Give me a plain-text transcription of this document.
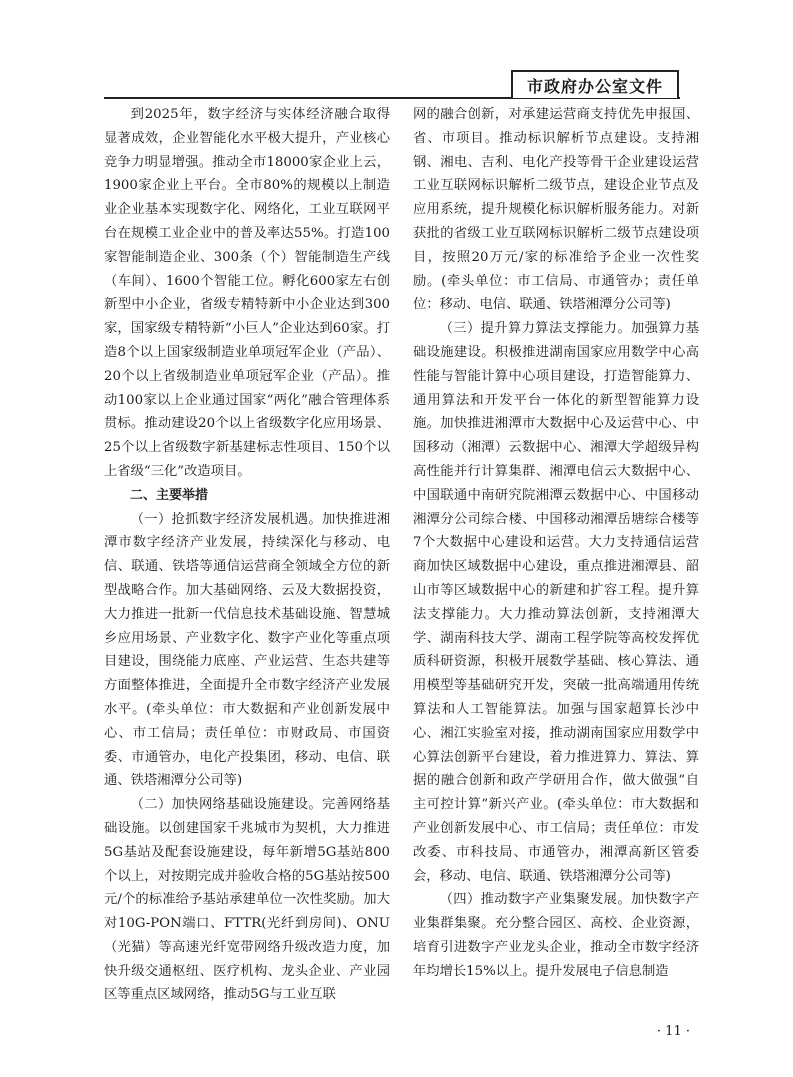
市政府办公室文件

到2025年，数字经济与实体经济融合取得显著成效，企业智能化水平极大提升，产业核心竞争力明显增强。推动全市18000家企业上云，1900家企业上平台。全市80%的规模以上制造业企业基本实现数字化、网络化，工业互联网平台在规模工业企业中的普及率达55%。打造100家智能制造企业、300条（个）智能制造生产线（车间）、1600个智能工位。孵化600家左右创新型中小企业，省级专精特新中小企业达到300家，国家级专精特新“小巨人”企业达到60家。打造8个以上国家级制造业单项冠军企业（产品）、20个以上省级制造业单项冠军企业（产品）。推动100家以上企业通过国家“两化”融合管理体系贯标。推动建设20个以上省级数字化应用场景、25个以上省级数字新基建标志性项目、150个以上省级“三化”改造项目。

二、主要举措

（一）抢抓数字经济发展机遇。加快推进湘潭市数字经济产业发展，持续深化与移动、电信、联通、铁塔等通信运营商全领域全方位的新型战略合作。加大基础网络、云及大数据投资，大力推进一批新一代信息技术基础设施、智慧城乡应用场景、产业数字化、数字产业化等重点项目建设，围绕能力底座、产业运营、生态共建等方面整体推进，全面提升全市数字经济产业发展水平。(牵头单位：市大数据和产业创新发展中心、市工信局；责任单位：市财政局、市国资委、市通管办，电化产投集团，移动、电信、联通、铁塔湘潭分公司等)

（二）加快网络基础设施建设。完善网络基础设施。以创建国家千兆城市为契机，大力推进5G基站及配套设施建设，每年新增5G基站800个以上，对按期完成并验收合格的5G基站按500元/个的标准给予基站承建单位一次性奖励。加大对10G-PON端口、FTTR(光纤到房间)、ONU（光猫）等高速光纤宽带网络升级改造力度，加快升级交通枢纽、医疗机构、龙头企业、产业园区等重点区域网络，推动5G与工业互联

网的融合创新，对承建运营商支持优先申报国、省、市项目。推动标识解析节点建设。支持湘钢、湘电、吉利、电化产投等骨干企业建设运营工业互联网标识解析二级节点，建设企业节点及应用系统，提升规模化标识解析服务能力。对新获批的省级工业互联网标识解析二级节点建设项目，按照20万元/家的标准给予企业一次性奖励。(牵头单位：市工信局、市通管办；责任单位：移动、电信、联通、铁塔湘潭分公司等)

（三）提升算力算法支撑能力。加强算力基础设施建设。积极推进湖南国家应用数学中心高性能与智能计算中心项目建设，打造智能算力、通用算法和开发平台一体化的新型智能算力设施。加快推进湘潭市大数据中心及运营中心、中国移动（湘潭）云数据中心、湘潭大学超级异构高性能并行计算集群、湘潭电信云大数据中心、中国联通中南研究院湘潭云数据中心、中国移动湘潭分公司综合楼、中国移动湘潭岳塘综合楼等7个大数据中心建设和运营。大力支持通信运营商加快区域数据中心建设，重点推进湘潭县、韶山市等区域数据中心的新建和扩容工程。提升算法支撑能力。大力推动算法创新，支持湘潭大学、湖南科技大学、湖南工程学院等高校发挥优质科研资源，积极开展数学基础、核心算法、通用模型等基础研究开发，突破一批高端通用传统算法和人工智能算法。加强与国家超算长沙中心、湘江实验室对接，推动湖南国家应用数学中心算法创新平台建设，着力推进算力、算法、算据的融合创新和政产学研用合作，做大做强“自主可控计算”新兴产业。(牵头单位：市大数据和产业创新发展中心、市工信局；责任单位：市发改委、市科技局、市通管办，湘潭高新区管委会，移动、电信、联通、铁塔湘潭分公司等)

（四）推动数字产业集聚发展。加快数字产业集群集聚。充分整合园区、高校、企业资源，培育引进数字产业龙头企业，推动全市数字经济年均增长15%以上。提升发展电子信息制造

· 11 ·
